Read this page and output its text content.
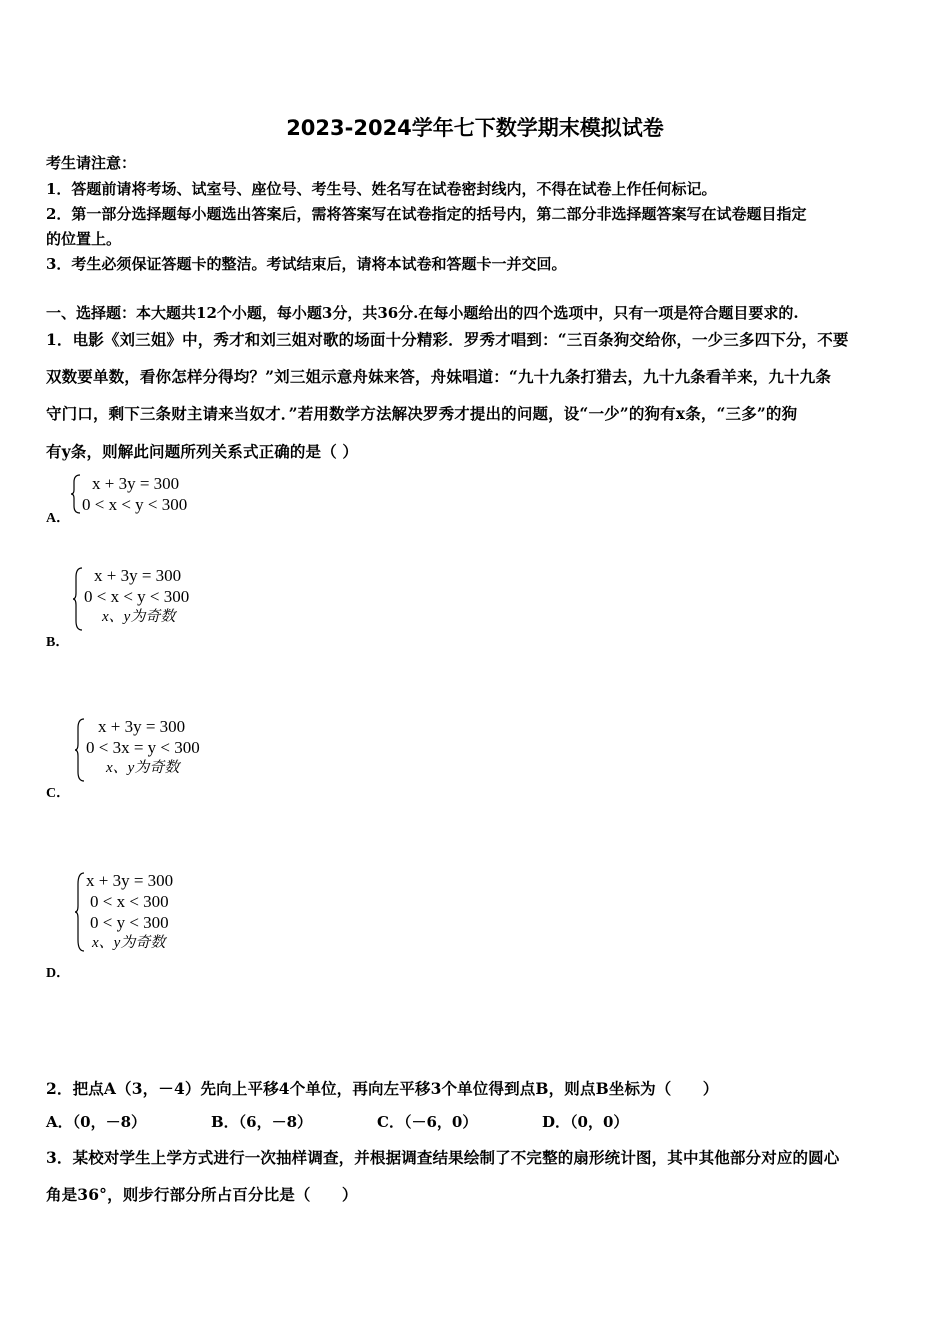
2023-2024学年七下数学期末模拟试卷
考生请注意：
1．答题前请将考场、试室号、座位号、考生号、姓名写在试卷密封线内，不得在试卷上作任何标记。
2．第一部分选择题每小题选出答案后，需将答案写在试卷指定的括号内，第二部分非选择题答案写在试卷题目指定
的位置上。
3．考生必须保证答题卡的整洁。考试结束后，请将本试卷和答题卡一并交回。
一、选择题：本大题共12个小题，每小题3分，共36分.在每小题给出的四个选项中，只有一项是符合题目要求的.
1．电影《刘三姐》中，秀才和刘三姐对歌的场面十分精彩．罗秀才唱到：“三百条狗交给你，一少三多四下分，不要
双数要单数，看你怎样分得均？”刘三姐示意舟妹来答，舟妹唱道：“九十九条打猎去，九十九条看羊来，九十九条
守门口，剩下三条财主请来当奴才．”若用数学方法解决罗秀才提出的问题，设“一少”的狗有x条，“三多”的狗
有y条，则解此问题所列关系式正确的是（ ）
x + 3y = 300
0 < x < y < 300
A．
x + 3y = 300
0 < x < y < 300
x、y为奇数
B．
x + 3y = 300
0 < 3x = y < 300
x、y为奇数
C．
x + 3y = 300
0 < x < 300
0 < y < 300
x、y为奇数
D．
2．把点A（3，－4）先向上平移4个单位，再向左平移3个单位得到点B，则点B坐标为（　　）
A．（0，－8）	B．（6，－8）	C．（－6，0）	D．（0，0）
3．某校对学生上学方式进行一次抽样调查，并根据调查结果绘制了不完整的扇形统计图，其中其他部分对应的圆心
角是36°，则步行部分所占百分比是（　　）
